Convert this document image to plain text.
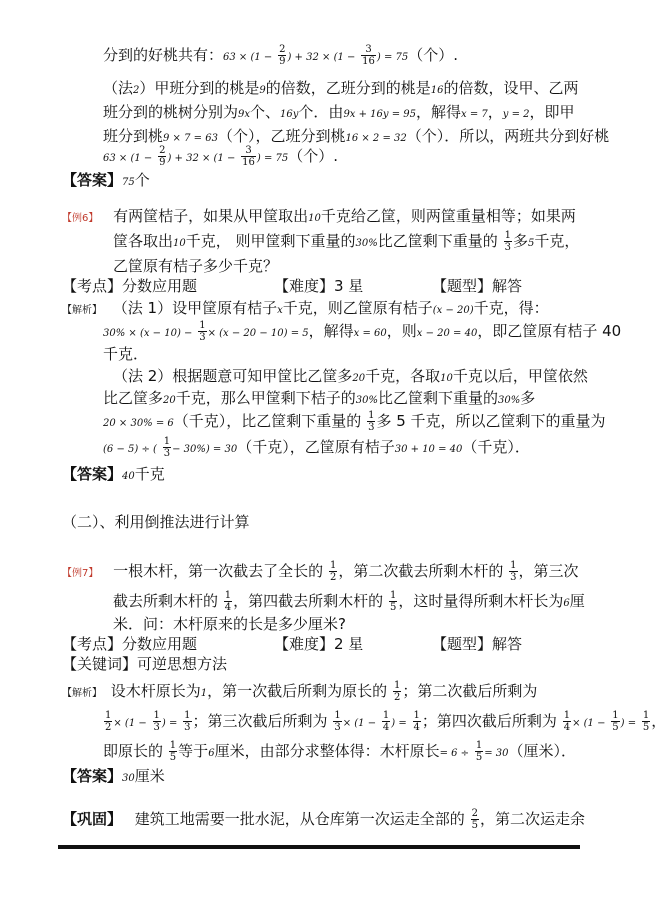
分到的好桃共有：$63 \times (1 - \frac{2}{9}$ ) + $32 \times (1 - \frac{3}{16}$ ) = 75（个）.
（法2）甲班分到的桃是9的倍数，乙班分到的桃是16的倍数，设甲、乙两
班分到的桃树分别为9x个、16y个．由9x + 16y = 95，解得x = 7，y = 2，即甲
班分到桃9 × 7 = 63（个），乙班分到桃16 × 2 = 32（个）．所以，两班共分到好桃
$63 \times (1 - \frac{2}{9}$ ) + $32 \times (1 - \frac{3}{16}$ ) = 75（个）.
【答案】75个
【例6】 有两筐桔子，如果从甲筐取出10千克给乙筐，则两筐重量相等；如果两
筐各取出10千克， 则甲筐剩下重量的30%比乙筐剩下重量的 $\frac{1}{3}$ 多5千克，
乙筐原有桔子多少千克？
【考点】分数应用题	【难度】3 星	【题型】解答
【解析】 （法 1）设甲筐原有桔子x千克，则乙筐原有桔子(x − 20)千克，得：
$30\% \times (x - 10) - \frac{1}{3} \times (x - 20 - 10) = 5$，解得x = 60，则x − 20 = 40，即乙筐原有桔子 40
千克．
（法 2）根据题意可知甲筐比乙筐多20千克，各取10千克以后，甲筐依然
比乙筐多20千克，那么甲筐剩下桔子的30%比乙筐剩下重量的30%多
20 × 30% = 6（千克），比乙筐剩下重量的 $\frac{1}{3}$ 多 5 千克，所以乙筐剩下的重量为
(6 − 5) ÷ ( $\frac{1}{3} - 30\%) = 30$（千克），乙筐原有桔子30 + 10 = 40（千克）．
【答案】40千克
（二）、利用倒推法进行计算
【例7】 一根木杆，第一次截去了全长的 $\frac{1}{2}$ ，第二次截去所剩木杆的 $\frac{1}{3}$ ，第三次
截去所剩木杆的 $\frac{1}{4}$ ，第四截去所剩木杆的 $\frac{1}{5}$ ，这时量得所剩木杆长为6厘
米．问：木杆原来的长是多少厘米?
【考点】分数应用题	【难度】2 星	【题型】解答
【关键词】可逆思想方法
【解析】 设木杆原长为1，第一次截后所剩为原长的 $\frac{1}{2}$ ；第二次截后所剩为
$\frac{1}{2} \times (1 - \frac{1}{3}$ ) = $\frac{1}{3}$ ；第三次截后所剩为 $\frac{1}{3} \times (1 - \frac{1}{4}$ ) = $\frac{1}{4}$ ；第四次截后所剩为 $\frac{1}{4} \times (1 - \frac{1}{5}$ ) = $\frac{1}{5}$ ，
即原长的 $\frac{1}{5}$ 等于6厘米，由部分求整体得：木杆原长= $6 \div \frac{1}{5} = 30$（厘米）．
【答案】30厘米
【巩固】 建筑工地需要一批水泥，从仓库第一次运走全部的 $\frac{2}{5}$ ，第二次运走余
